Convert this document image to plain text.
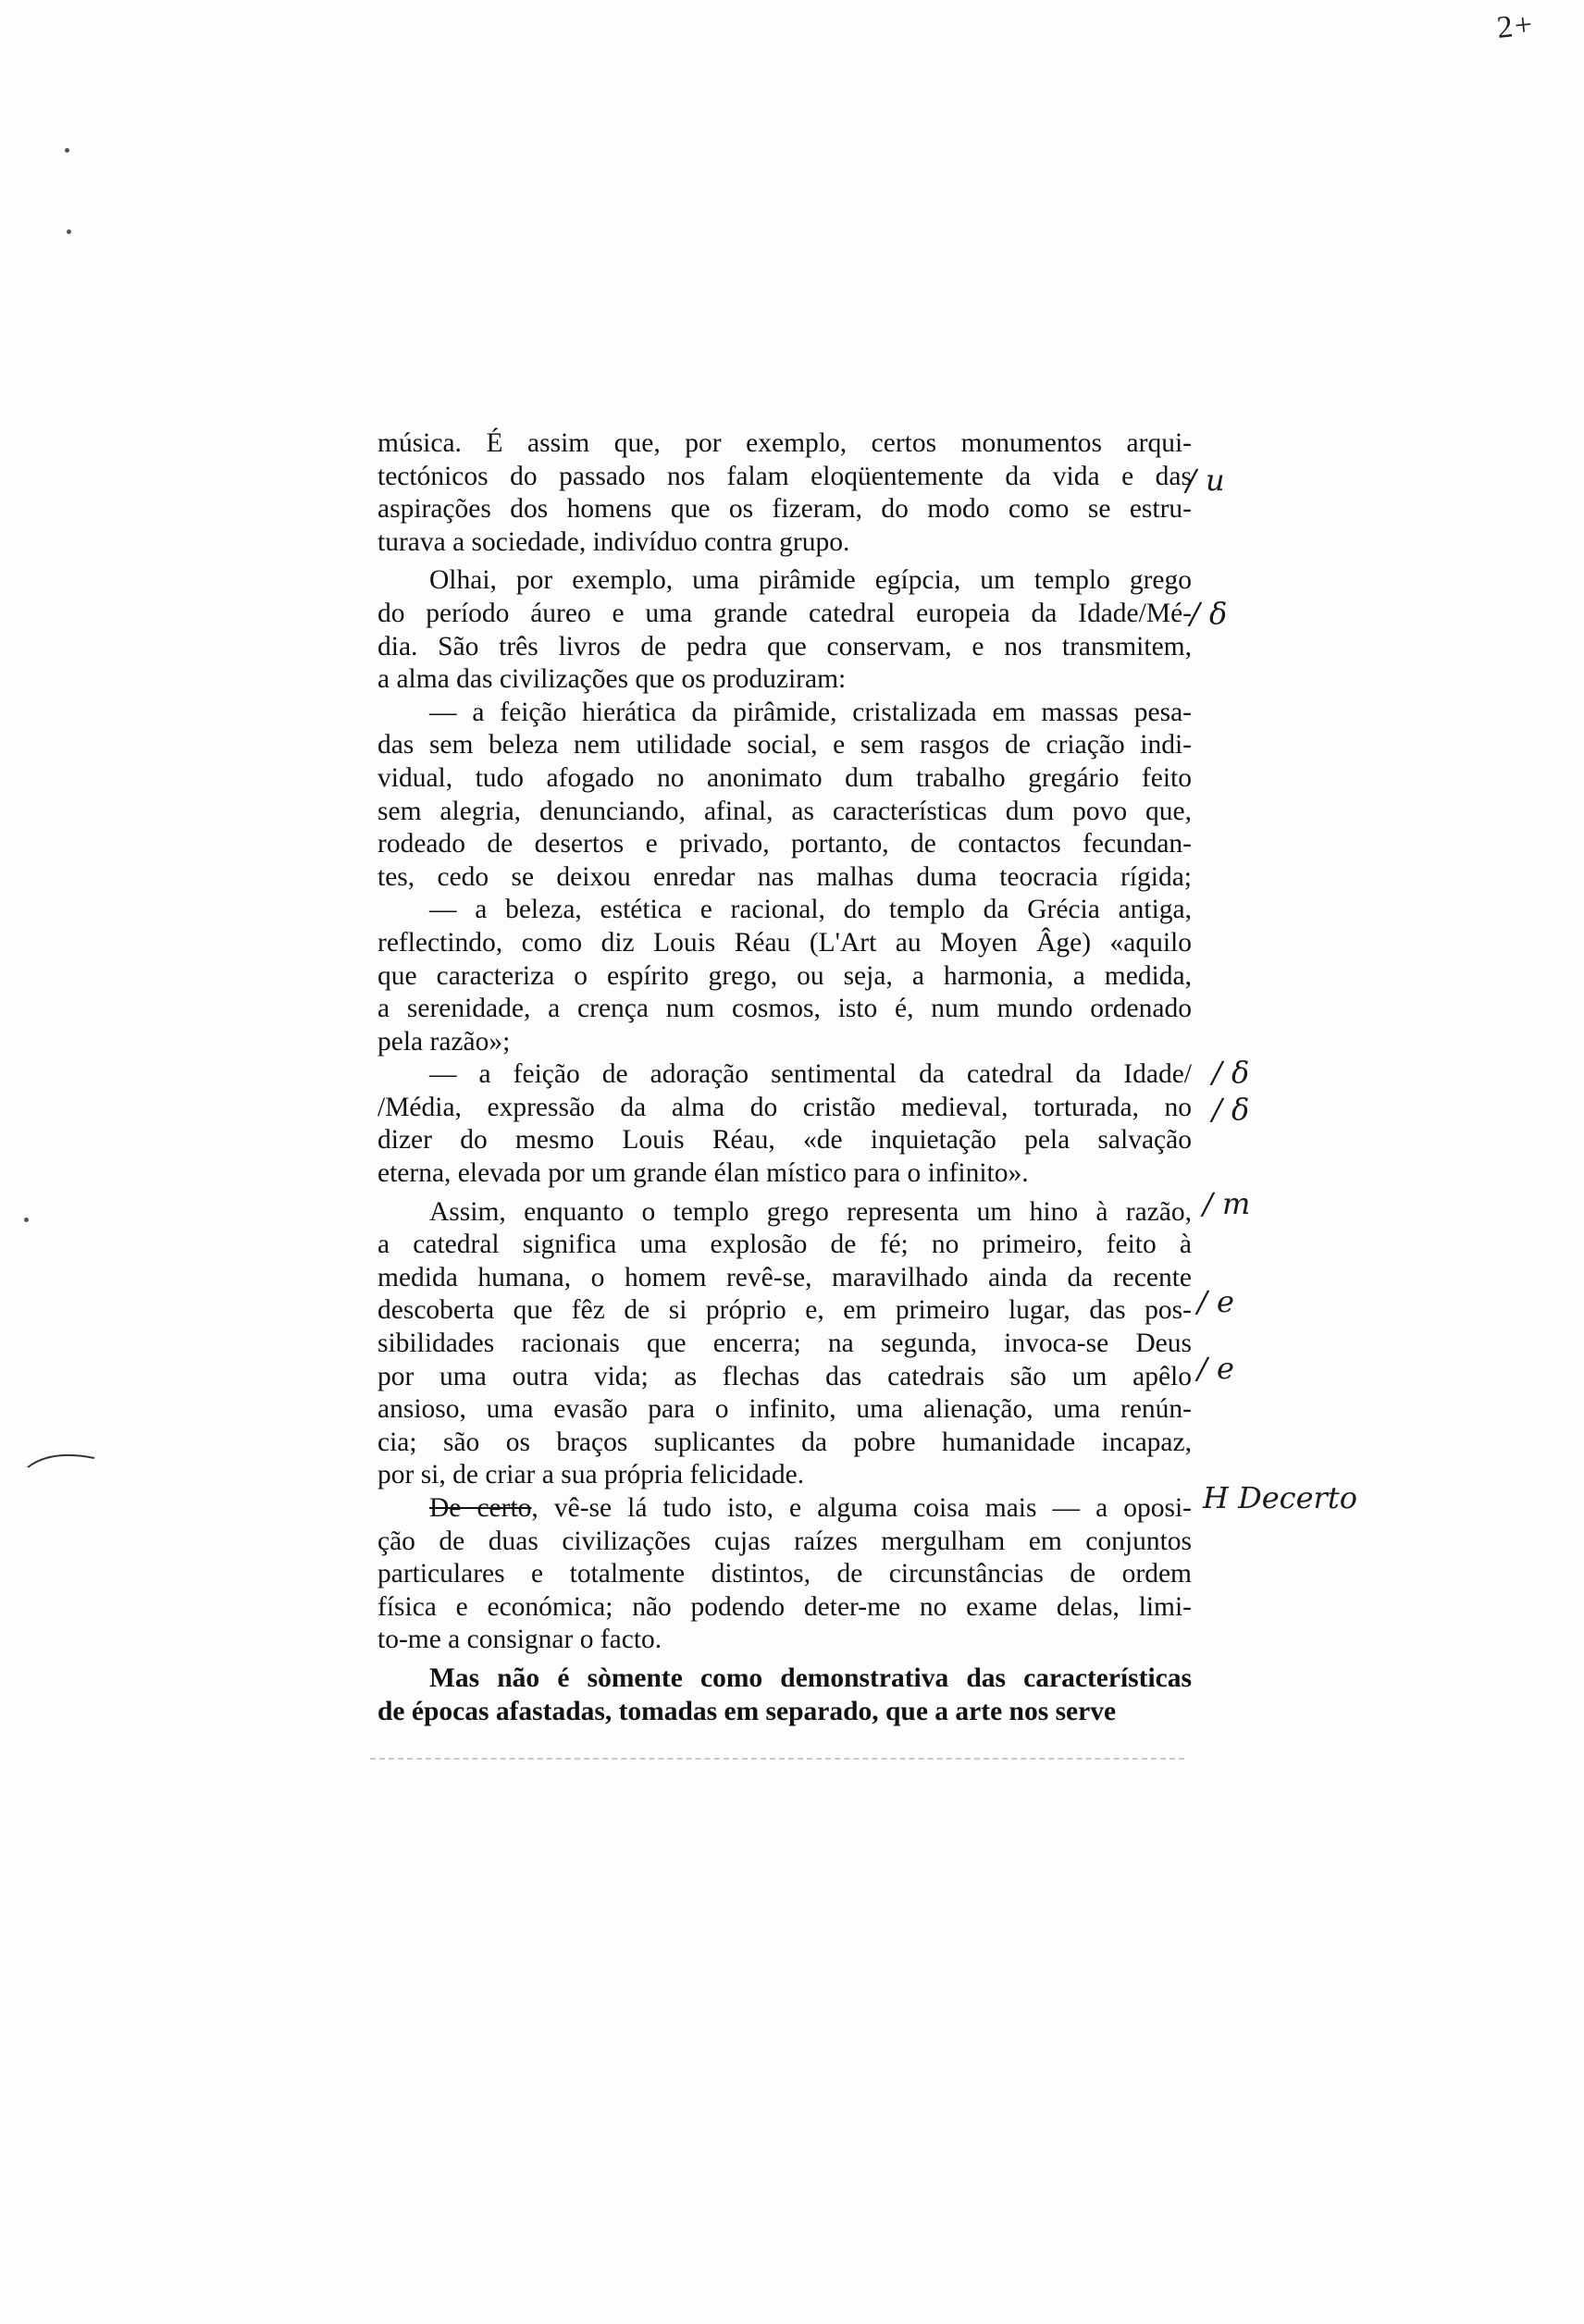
2+

música. É assim que, por exemplo, certos monumentos arqui-
tectónicos do passado nos falam eloqüentemente da vida e das
aspirações dos homens que os fizeram, do modo como se estru-
turava a sociedade, indivíduo contra grupo.

Olhai, por exemplo, uma pirâmide egípcia, um templo grego
do período áureo e uma grande catedral europeia da Idade/Mé-
dia. São três livros de pedra que conservam, e nos transmitem,
a alma das civilizações que os produziram:

— a feição hierática da pirâmide, cristalizada em massas pesa-
das sem beleza nem utilidade social, e sem rasgos de criação indi-
vidual, tudo afogado no anonimato dum trabalho gregário feito
sem alegria, denunciando, afinal, as características dum povo que,
rodeado de desertos e privado, portanto, de contactos fecundan-
tes, cedo se deixou enredar nas malhas duma teocracia rígida;

— a beleza, estética e racional, do templo da Grécia antiga,
reflectindo, como diz Louis Réau (L'Art au Moyen Âge) «aquilo
que caracteriza o espírito grego, ou seja, a harmonia, a medida,
a serenidade, a crença num cosmos, isto é, num mundo ordenado
pela razão»;

— a feição de adoração sentimental da catedral da Idade/
/Média, expressão da alma do cristão medieval, torturada, no
dizer do mesmo Louis Réau, «de inquietação pela salvação
eterna, elevada por um grande élan místico para o infinito».

Assim, enquanto o templo grego representa um hino à razão,
a catedral significa uma explosão de fé; no primeiro, feito à
medida humana, o homem revê-se, maravilhado ainda da recente
descoberta que fêz de si próprio e, em primeiro lugar, das pos-
sibilidades racionais que encerra; na segunda, invoca-se Deus
por uma outra vida; as flechas das catedrais são um apêlo
ansioso, uma evasão para o infinito, uma alienação, uma renún-
cia; são os braços suplicantes da pobre humanidade incapaz,
por si, de criar a sua própria felicidade.

De certo, vê-se lá tudo isto, e alguma coisa mais — a oposi-
ção de duas civilizações cujas raízes mergulham em conjuntos
particulares e totalmente distintos, de circunstâncias de ordem
física e económica; não podendo deter-me no exame delas, limi-
to-me a consignar o facto.

Mas não é sòmente como demonstrativa das características
de épocas afastadas, tomadas em separado, que a arte nos serve

/ u
/ δ
/ δ
/ δ
/ m
/ e
/ e
H Decerto
